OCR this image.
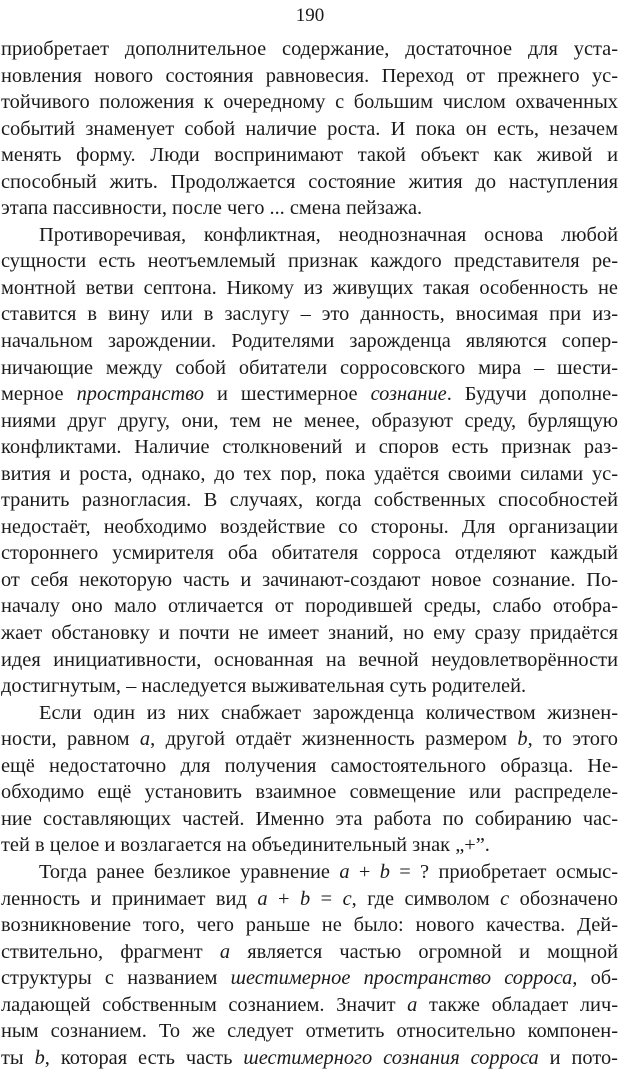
190
приобретает дополнительное содержание, достаточное для уста-
новления нового состояния равновесия. Переход от прежнего ус-
тойчивого положения к очередному с большим числом охваченных
событий знаменует собой наличие роста. И пока он есть, незачем
менять форму. Люди воспринимают такой объект как живой и
способный жить. Продолжается состояние жития до наступления
этапа пассивности, после чего ... смена пейзажа.
Противоречивая, конфликтная, неоднозначная основа любой
сущности есть неотъемлемый признак каждого представителя ре-
монтной ветви септона. Никому из живущих такая особенность не
ставится в вину или в заслугу – это данность, вносимая при из-
начальном зарождении. Родителями зарожденца являются сопер-
ничающие между собой обитатели сорросовского мира – шести-
мерное пространство и шестимерное сознание. Будучи дополне-
ниями друг другу, они, тем не менее, образуют среду, бурлящую
конфликтами. Наличие столкновений и споров есть признак раз-
вития и роста, однако, до тех пор, пока удаётся своими силами ус-
транить разногласия. В случаях, когда собственных способностей
недостаёт, необходимо воздействие со стороны. Для организации
стороннего усмирителя оба обитателя сорроса отделяют каждый
от себя некоторую часть и зачинают-создают новое сознание. По-
началу оно мало отличается от породившей среды, слабо отобра-
жает обстановку и почти не имеет знаний, но ему сразу придаётся
идея инициативности, основанная на вечной неудовлетворённости
достигнутым, – наследуется выживательная суть родителей.
Если один из них снабжает зарожденца количеством жизнен-
ности, равном а, другой отдаёт жизненность размером b, то этого
ещё недостаточно для получения самостоятельного образца. Не-
обходимо ещё установить взаимное совмещение или распределе-
ние составляющих частей. Именно эта работа по собиранию час-
тей в целое и возлагается на объединительный знак „+”.
Тогда ранее безликое уравнение а + b = ? приобретает осмыс-
ленность и принимает вид a + b = c, где символом с обозначено
возникновение того, чего раньше не было: нового качества. Дей-
ствительно, фрагмент а является частью огромной и мощной
структуры с названием шестимерное пространство сорроса, об-
ладающей собственным сознанием. Значит а также обладает лич-
ным сознанием. То же следует отметить относительно компонен-
ты b, которая есть часть шестимерного сознания сорроса и пото-
